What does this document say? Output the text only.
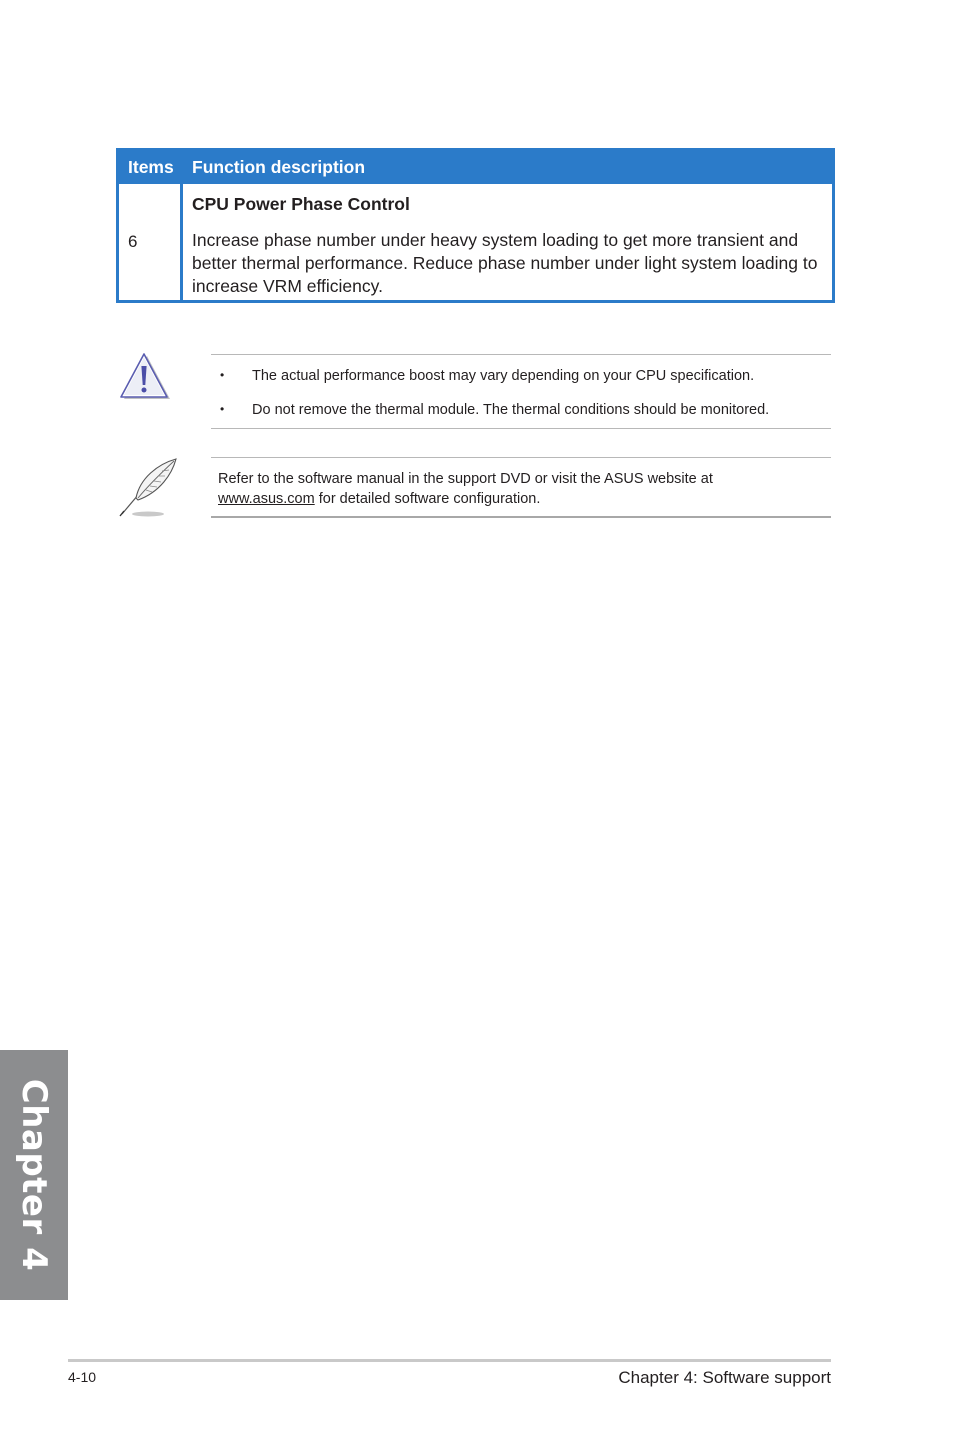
Items	Function description
6
CPU Power Phase Control
Increase phase number under heavy system loading to get more transient and better thermal performance. Reduce phase number under light system loading to increase VRM efficiency.
• The actual performance boost may vary depending on your CPU specification.
• Do not remove the thermal module. The thermal conditions should be monitored.
Refer to the software manual in the support DVD or visit the ASUS website at
www.asus.com for detailed software configuration.
Chapter 4
4-10	Chapter 4: Software support
